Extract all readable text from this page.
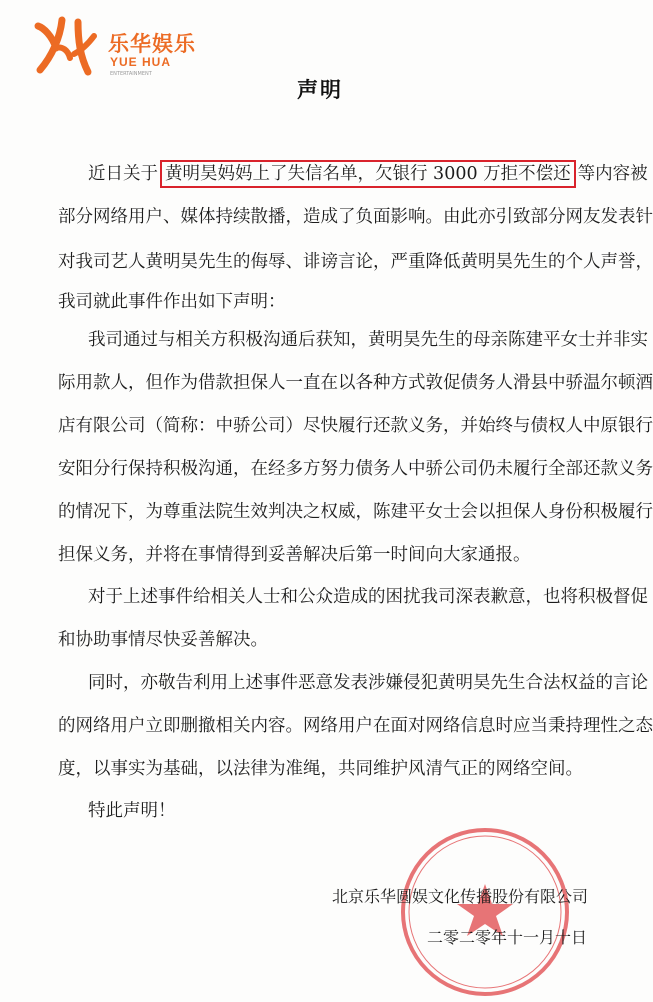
乐华娱乐
YUE HUA
ENTERTAINMENT
声明
近日关于 黄明昊妈妈上了失信名单，欠银行 3000 万拒不偿还 等内容被
部分网络用户、媒体持续散播，造成了负面影响。由此亦引致部分网友发表针
对我司艺人黄明昊先生的侮辱、诽谤言论，严重降低黄明昊先生的个人声誉，
我司就此事件作出如下声明：
我司通过与相关方积极沟通后获知，黄明昊先生的母亲陈建平女士并非实
际用款人，但作为借款担保人一直在以各种方式敦促债务人滑县中骄温尔顿酒
店有限公司（简称：中骄公司）尽快履行还款义务，并始终与债权人中原银行
安阳分行保持积极沟通，在经多方努力债务人中骄公司仍未履行全部还款义务
的情况下，为尊重法院生效判决之权威，陈建平女士会以担保人身份积极履行
担保义务，并将在事情得到妥善解决后第一时间向大家通报。
对于上述事件给相关人士和公众造成的困扰我司深表歉意，也将积极督促
和协助事情尽快妥善解决。
同时，亦敬告利用上述事件恶意发表涉嫌侵犯黄明昊先生合法权益的言论
的网络用户立即删撤相关内容。网络用户在面对网络信息时应当秉持理性之态
度，以事实为基础，以法律为准绳，共同维护风清气正的网络空间。
特此声明！
北京乐华圆娱文化传播股份有限公司
二零二零年十一月十日
